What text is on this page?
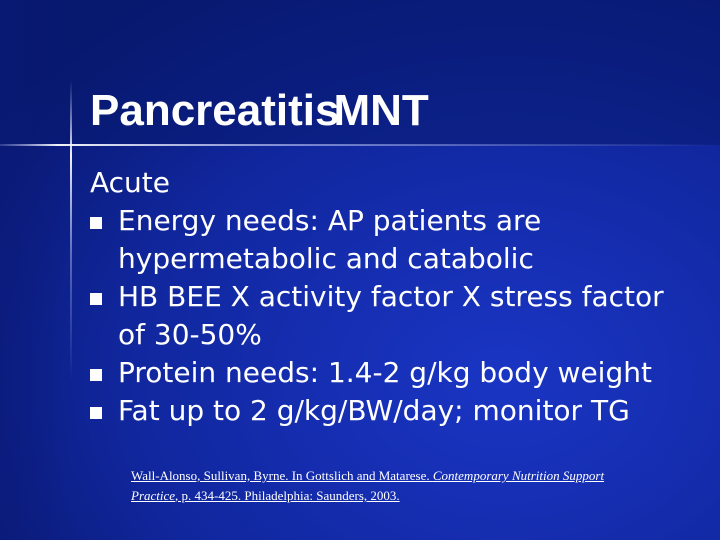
PancreatitisMNT

Acute

Energy needs: AP patients are
hypermetabolic and catabolic
HB BEE X activity factor X stress factor
of 30-50%
Protein needs: 1.4-2 g/kg body weight
Fat up to 2 g/kg/BW/day; monitor TG
Wall-Alonso, Sullivan, Byrne. In Gottslich and Matarese. Contemporary Nutrition Support Practice, p. 434-425. Philadelphia: Saunders, 2003.
